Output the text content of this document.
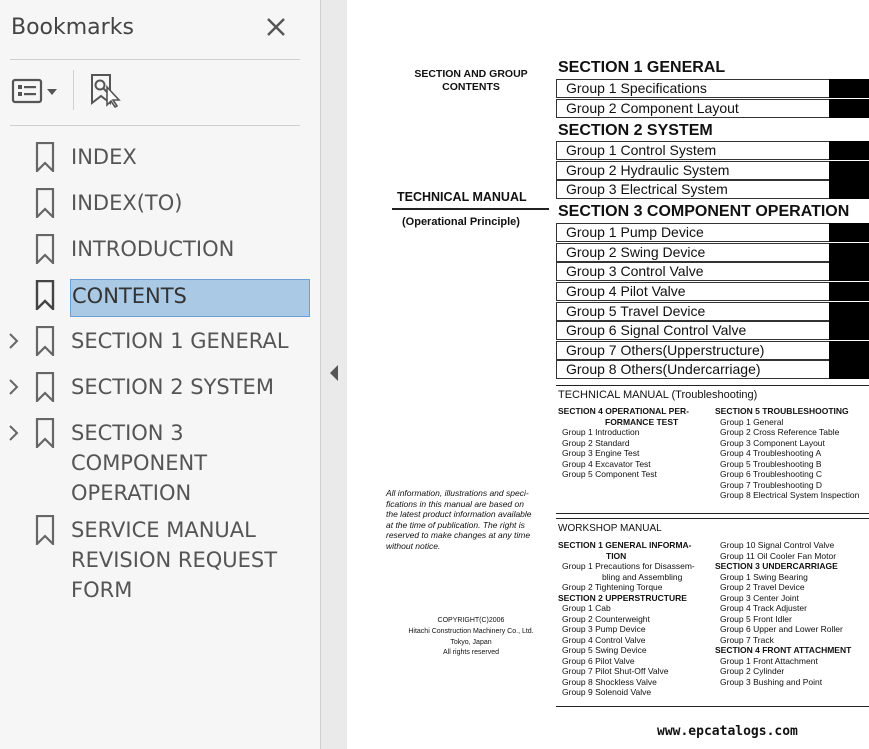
Bookmarks
INDEX
INDEX(TO)
INTRODUCTION
CONTENTS
SECTION 1 GENERAL
SECTION 2 SYSTEM
SECTION 3
COMPONENT
OPERATION
SERVICE MANUAL
REVISION REQUEST
FORM
SECTION AND GROUP
CONTENTS
TECHNICAL MANUAL
(Operational Principle)
All information, illustrations and speci-
fications in this manual are based on
the latest product information available
at the time of publication. The right is
reserved to make changes at any time
without notice.
COPYRIGHT(C)2006
Hitachi Construction Machinery Co., Ltd.
Tokyo, Japan
All rights reserved
SECTION 1 GENERAL
Group 1 Specifications
Group 2 Component Layout
SECTION 2 SYSTEM
Group 1 Control System
Group 2 Hydraulic System
Group 3 Electrical System
SECTION 3 COMPONENT OPERATION
Group 1 Pump Device
Group 2 Swing Device
Group 3 Control Valve
Group 4 Pilot Valve
Group 5 Travel Device
Group 6 Signal Control Valve
Group 7 Others(Upperstructure)
Group 8 Others(Undercarriage)
TECHNICAL MANUAL (Troubleshooting)
SECTION 4 OPERATIONAL PER-
FORMANCE TEST
Group 1 Introduction
Group 2 Standard
Group 3 Engine Test
Group 4 Excavator Test
Group 5 Component Test
SECTION 5 TROUBLESHOOTING
Group 1 General
Group 2 Cross Reference Table
Group 3 Component Layout
Group 4 Troubleshooting A
Group 5 Troubleshooting B
Group 6 Troubleshooting C
Group 7 Troubleshooting D
Group 8 Electrical System Inspection
WORKSHOP MANUAL
SECTION 1 GENERAL INFORMA-
TION
Group 1 Precautions for Disassem-
bling and Assembling
Group 2 Tightening Torque
SECTION 2 UPPERSTRUCTURE
Group 1 Cab
Group 2 Counterweight
Group 3 Pump Device
Group 4 Control Valve
Group 5 Swing Device
Group 6 Pilot Valve
Group 7 Pilot Shut-Off Valve
Group 8 Shockless Valve
Group 9 Solenoid Valve
Group 10 Signal Control Valve
Group 11 Oil Cooler Fan Motor
SECTION 3 UNDERCARRIAGE
Group 1 Swing Bearing
Group 2 Travel Device
Group 3 Center Joint
Group 4 Track Adjuster
Group 5 Front Idler
Group 6 Upper and Lower Roller
Group 7 Track
SECTION 4 FRONT ATTACHMENT
Group 1 Front Attachment
Group 2 Cylinder
Group 3 Bushing and Point
www.epcatalogs.com
